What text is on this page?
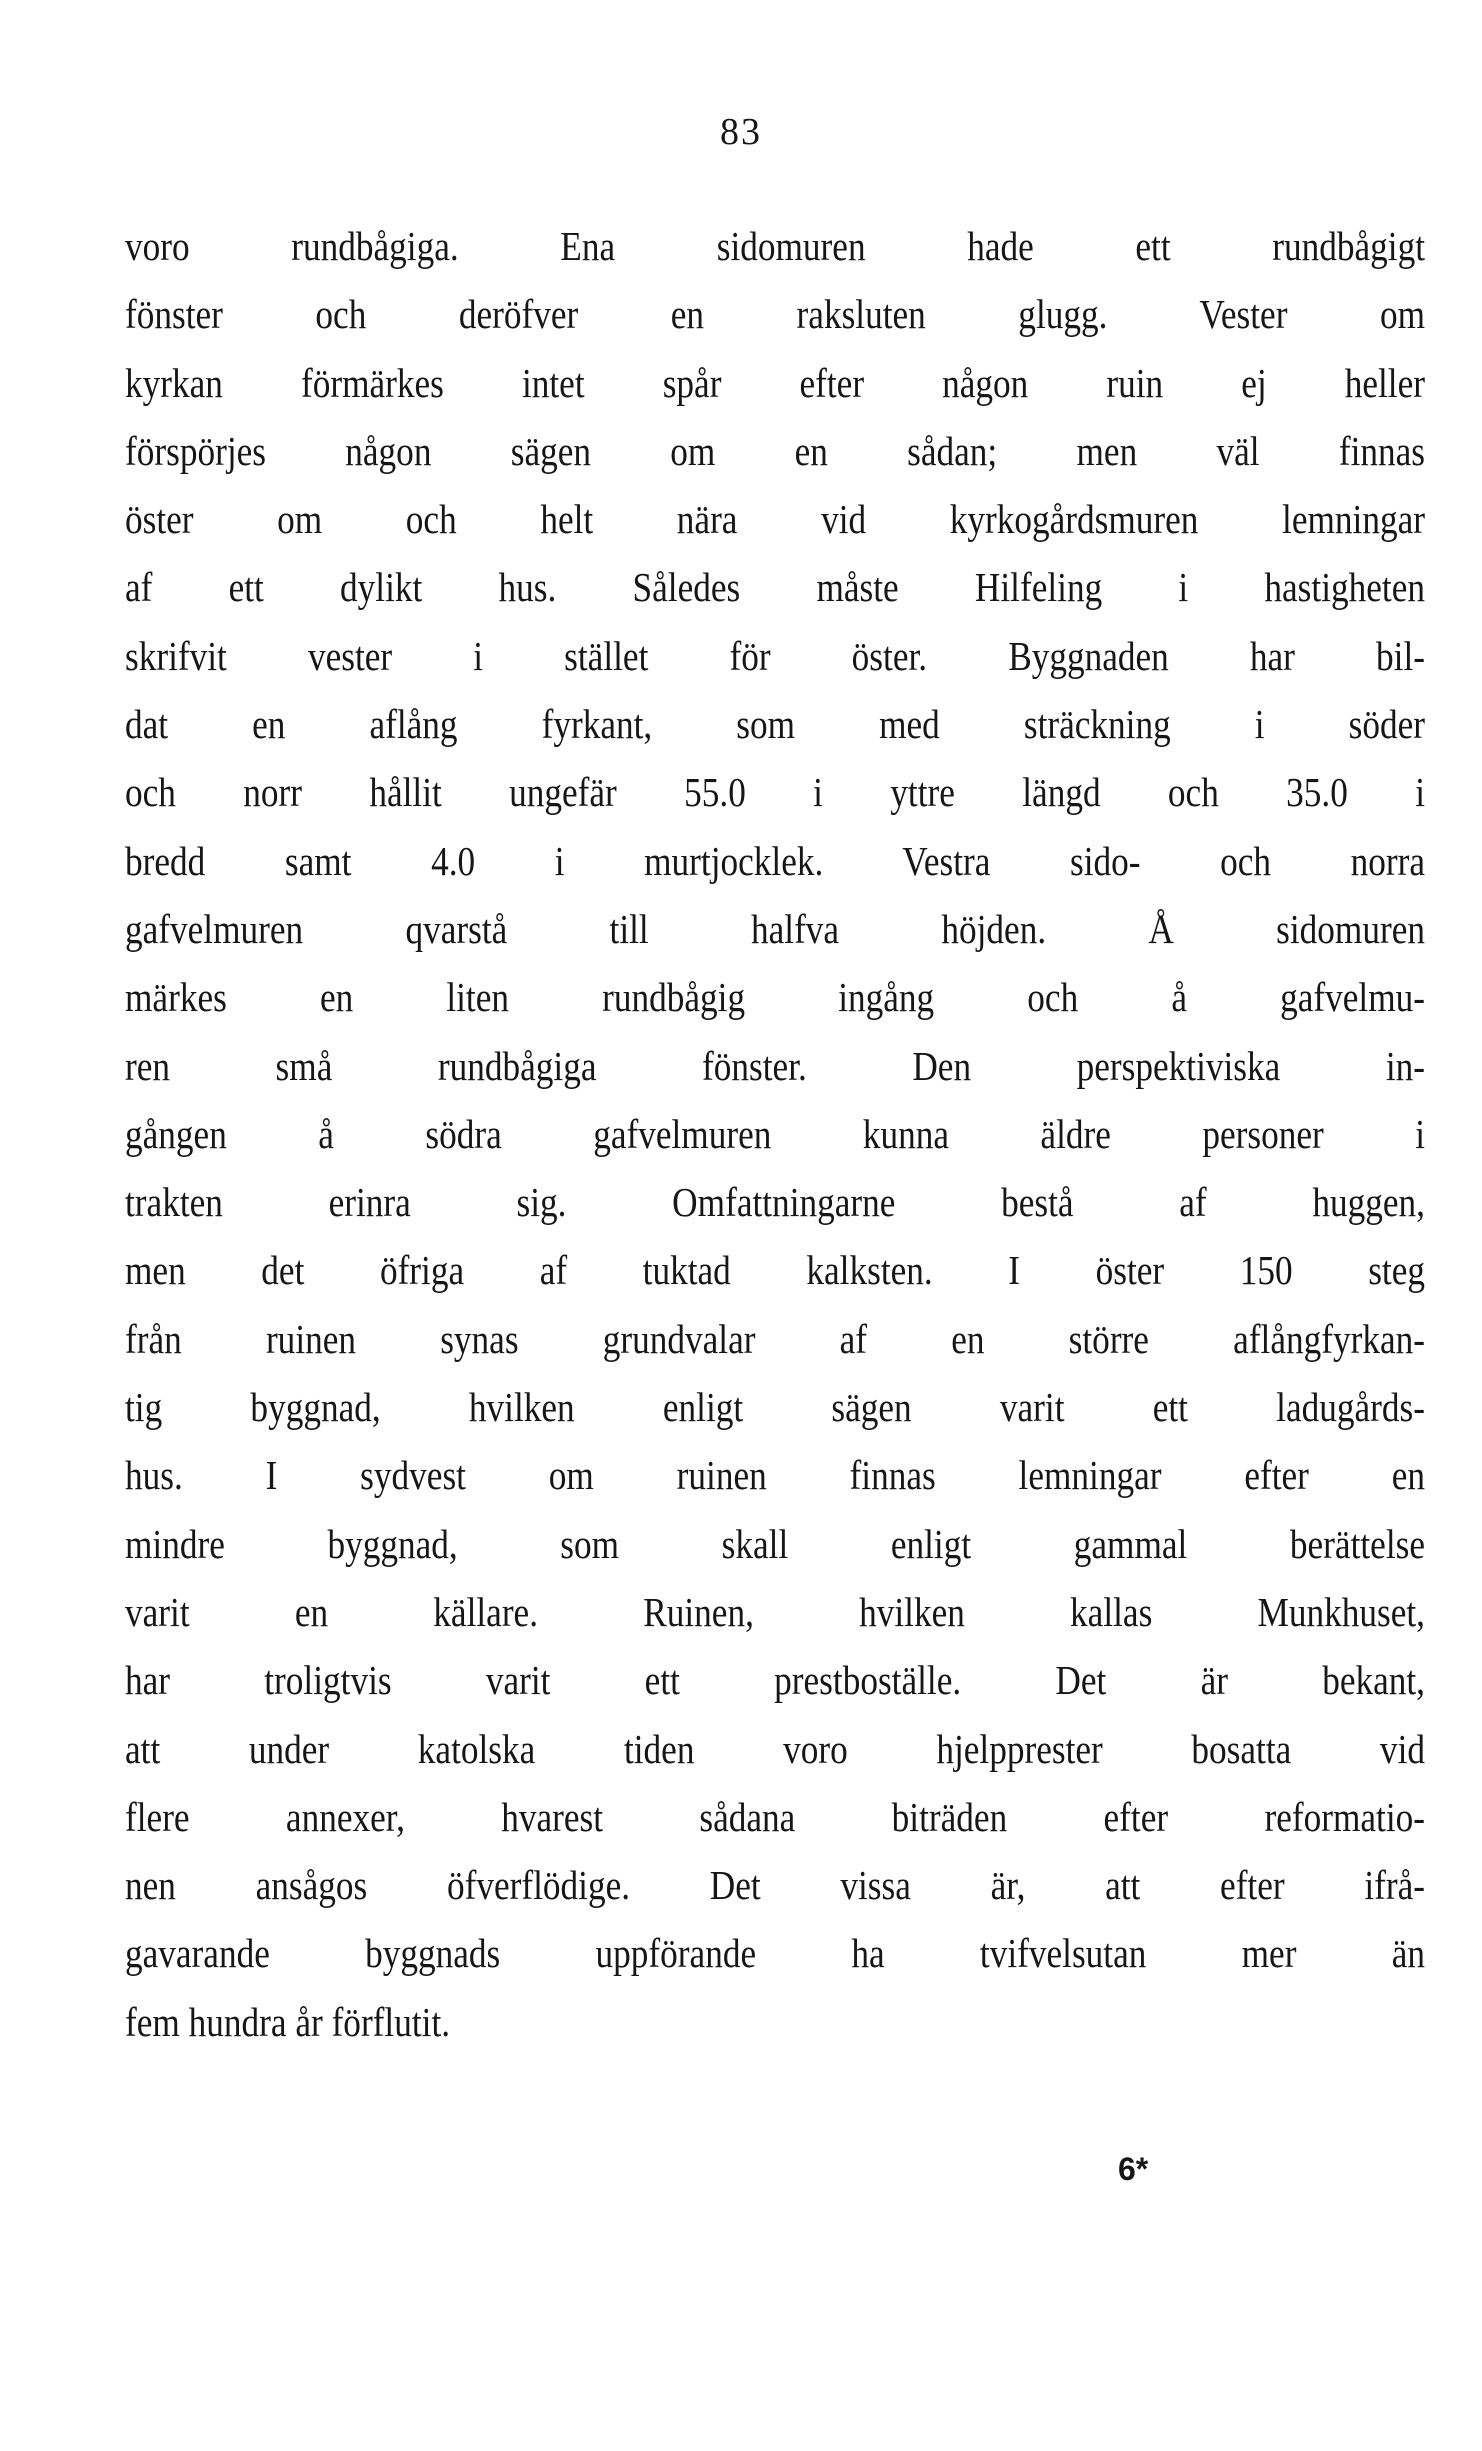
83
voro rundbågiga. Ena sidomuren hade ett rundbågigt
fönster och deröfver en raksluten glugg. Vester om
kyrkan förmärkes intet spår efter någon ruin ej heller
förspörjes någon sägen om en sådan; men väl finnas
öster om och helt nära vid kyrkogårdsmuren lemningar
af ett dylikt hus. Således måste Hilfeling i hastigheten
skrifvit vester i stället för öster. Byggnaden har bil-
dat en aflång fyrkant, som med sträckning i söder
och norr hållit ungefär 55.0 i yttre längd och 35.0 i
bredd samt 4.0 i murtjocklek. Vestra sido- och norra
gafvelmuren qvarstå till halfva höjden. Å sidomuren
märkes en liten rundbågig ingång och å gafvelmu-
ren små rundbågiga fönster. Den perspektiviska in-
gången å södra gafvelmuren kunna äldre personer i
trakten erinra sig. Omfattningarne bestå af huggen,
men det öfriga af tuktad kalksten. I öster 150 steg
från ruinen synas grundvalar af en större aflångfyrkan-
tig byggnad, hvilken enligt sägen varit ett ladugårds-
hus. I sydvest om ruinen finnas lemningar efter en
mindre byggnad, som skall enligt gammal berättelse
varit en källare. Ruinen, hvilken kallas Munkhuset,
har troligtvis varit ett prestboställe. Det är bekant,
att under katolska tiden voro hjelpprester bosatta vid
flere annexer, hvarest sådana biträden efter reformatio-
nen ansågos öfverflödige. Det vissa är, att efter ifrå-
gavarande byggnads uppförande ha tvifvelsutan mer än
fem hundra år förflutit.
6*
